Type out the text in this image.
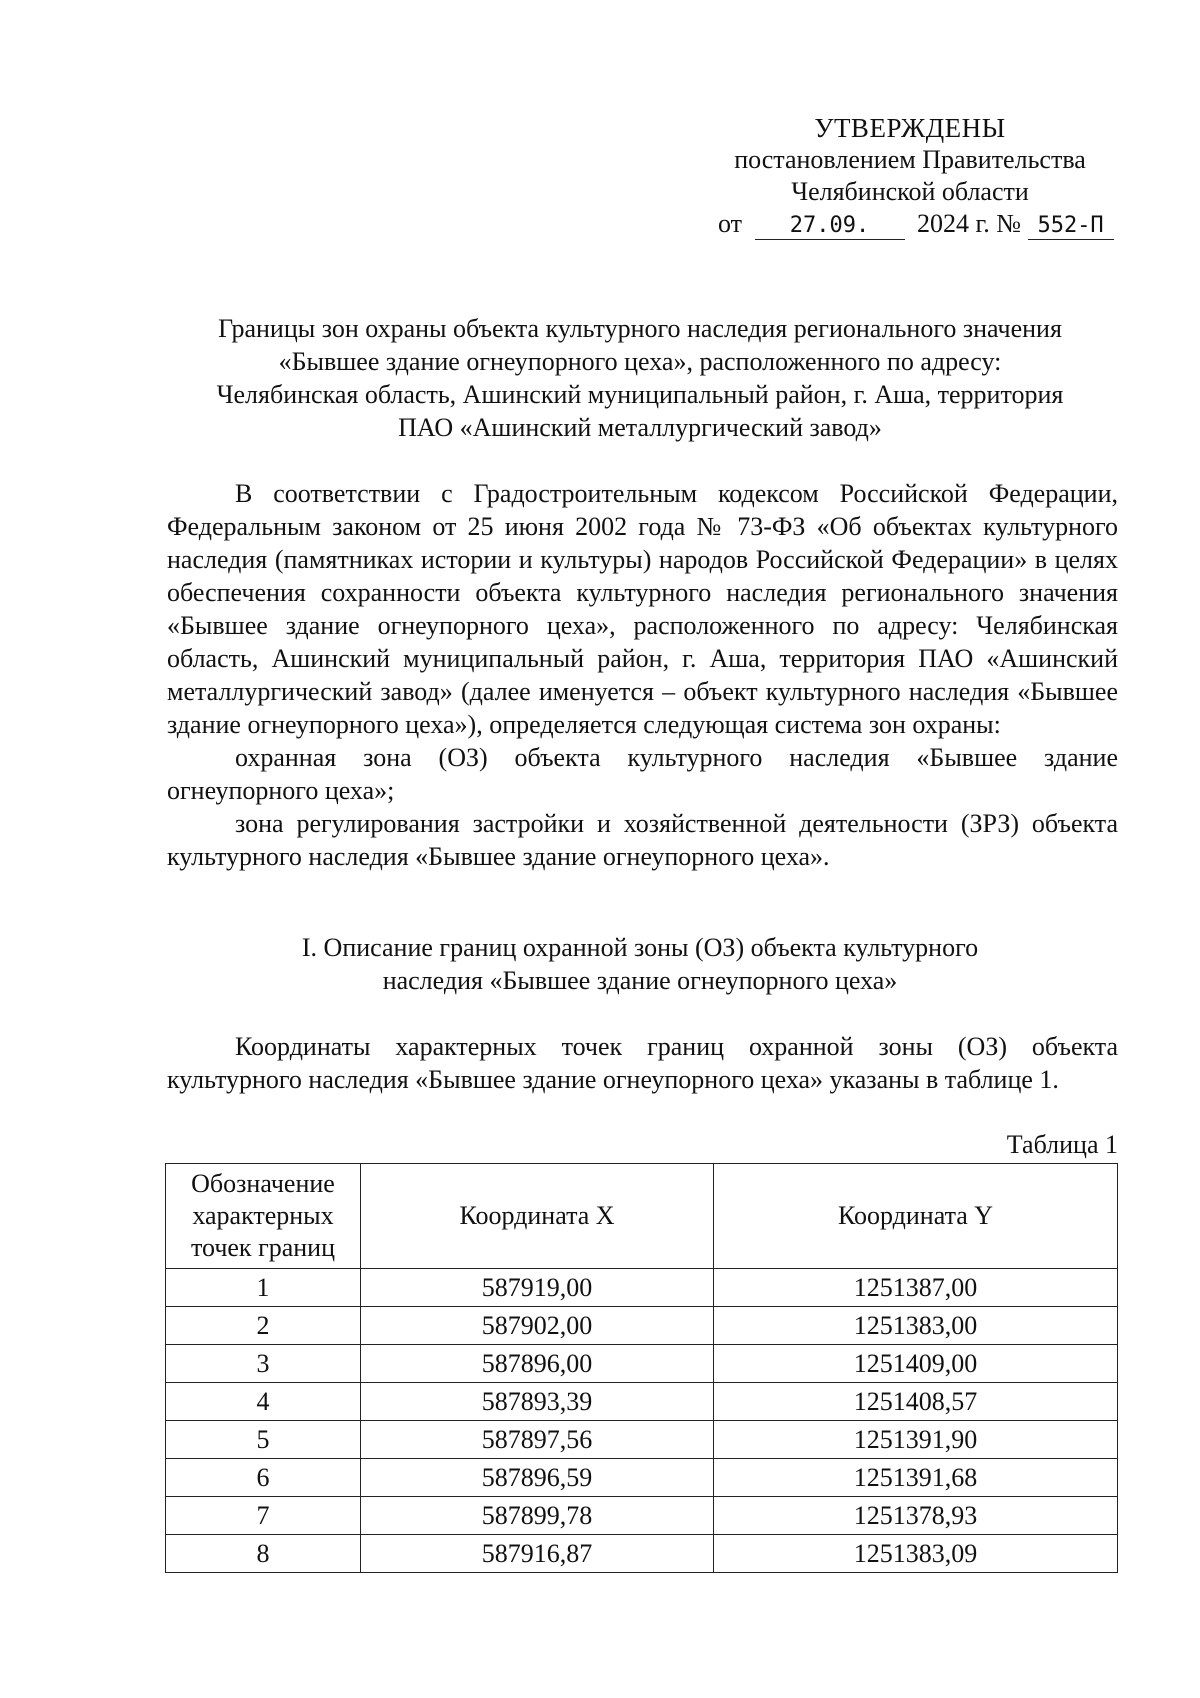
УТВЕРЖДЕНЫ
постановлением Правительства
Челябинской области
от 27.09. 2024 г. № 552-П
Границы зон охраны объекта культурного наследия регионального значения
«Бывшее здание огнеупорного цеха», расположенного по адресу:
Челябинская область, Ашинский муниципальный район, г. Аша, территория
ПАО «Ашинский металлургический завод»

В соответствии с Градостроительным кодексом Российской Федерации, Федеральным законом от 25 июня 2002 года № 73-ФЗ «Об объектах культурного наследия (памятниках истории и культуры) народов Российской Федерации» в целях обеспечения сохранности объекта культурного наследия регионального значения «Бывшее здание огнеупорного цеха», расположенного по адресу: Челябинская область, Ашинский муниципальный район, г. Аша, территория ПАО «Ашинский металлургический завод» (далее именуется – объект культурного наследия «Бывшее здание огнеупорного цеха»), определяется следующая система зон охраны:

охранная зона (ОЗ) объекта культурного наследия «Бывшее здание огнеупорного цеха»;

зона регулирования застройки и хозяйственной деятельности (ЗРЗ) объекта культурного наследия «Бывшее здание огнеупорного цеха».

I. Описание границ охранной зоны (ОЗ) объекта культурного
наследия «Бывшее здание огнеупорного цеха»

Координаты характерных точек границ охранной зоны (ОЗ) объекта культурного наследия «Бывшее здание огнеупорного цеха» указаны в таблице 1.

Таблица 1
Обозначение характерных точек границ	Координата X	Координата Y
1	587919,00	1251387,00
2	587902,00	1251383,00
3	587896,00	1251409,00
4	587893,39	1251408,57
5	587897,56	1251391,90
6	587896,59	1251391,68
7	587899,78	1251378,93
8	587916,87	1251383,09
